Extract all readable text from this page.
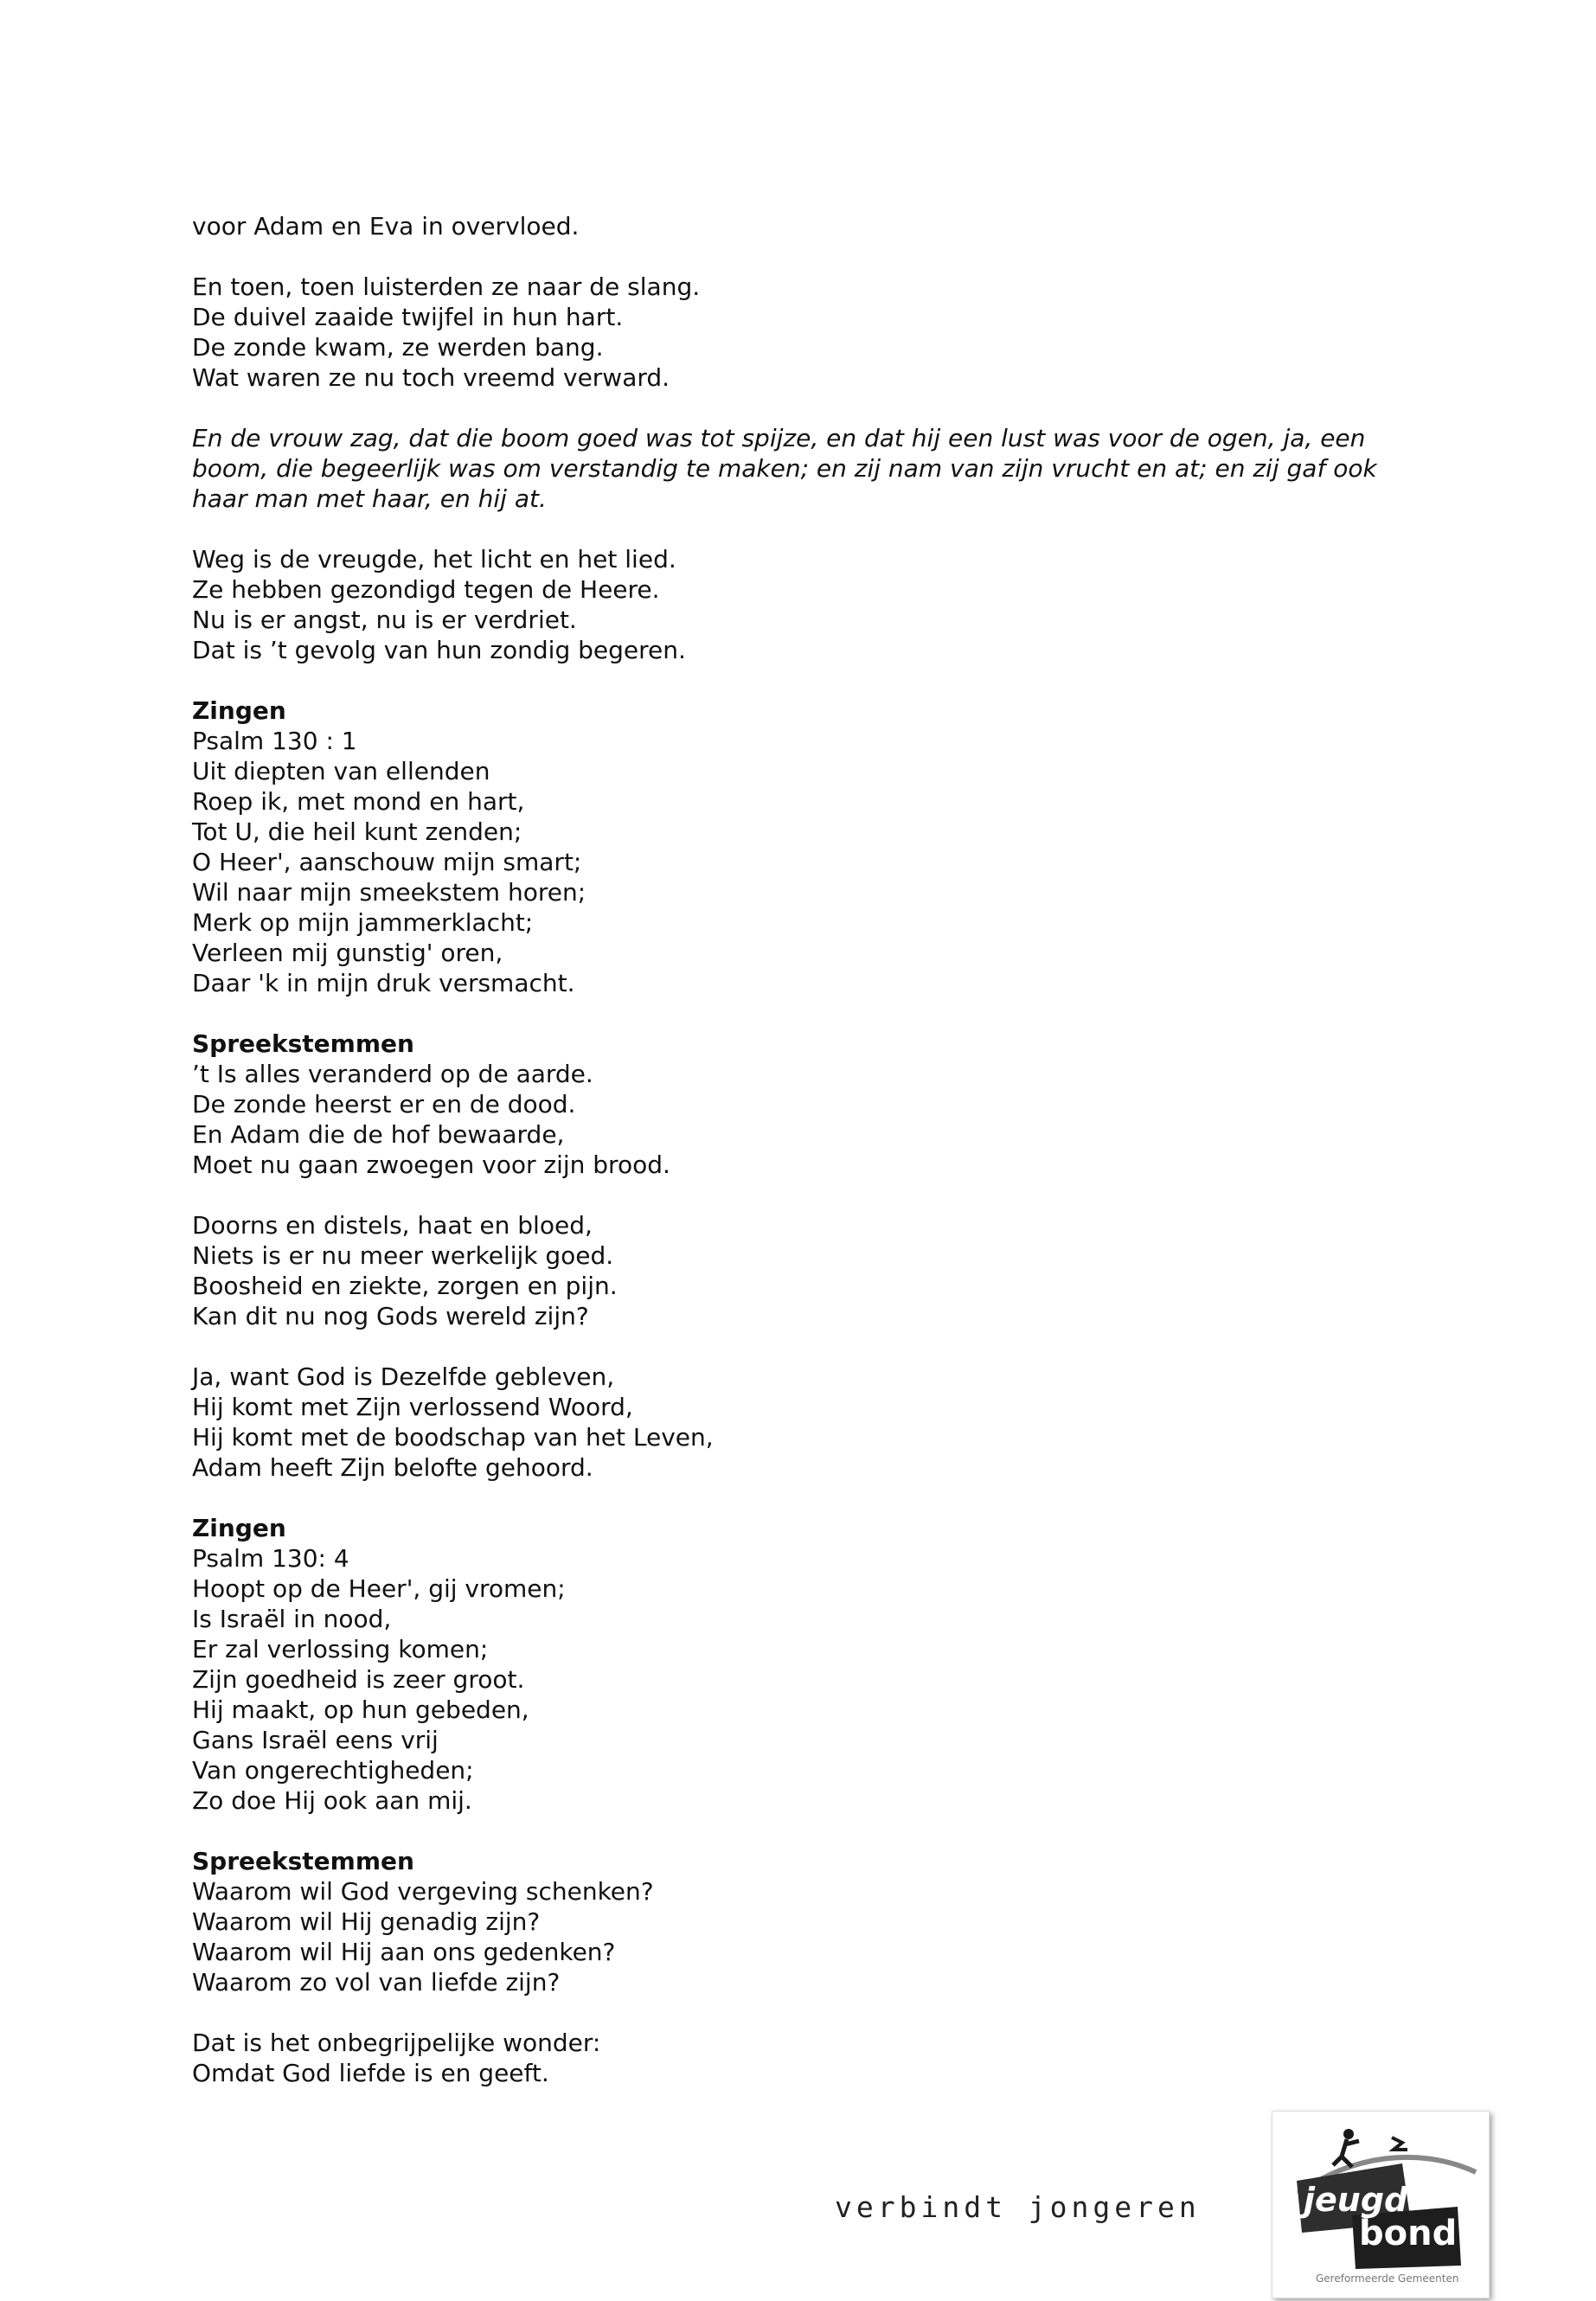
voor Adam en Eva in overvloed.
En toen, toen luisterden ze naar de slang.
De duivel zaaide twijfel in hun hart.
De zonde kwam, ze werden bang.
Wat waren ze nu toch vreemd verward.
En de vrouw zag, dat die boom goed was tot spijze, en dat hij een lust was voor de ogen, ja, een boom, die begeerlijk was om verstandig te maken; en zij nam van zijn vrucht en at; en zij gaf ook haar man met haar, en hij at.
Weg is de vreugde, het licht en het lied.
Ze hebben gezondigd tegen de Heere.
Nu is er angst, nu is er verdriet.
Dat is ’t gevolg van hun zondig begeren.
Zingen
Psalm 130 : 1
Uit diepten van ellenden
Roep ik, met mond en hart,
Tot U, die heil kunt zenden;
O Heer', aanschouw mijn smart;
Wil naar mijn smeekstem horen;
Merk op mijn jammerklacht;
Verleen mij gunstig' oren,
Daar 'k in mijn druk versmacht.
Spreekstemmen
’t Is alles veranderd op de aarde.
De zonde heerst er en de dood.
En Adam die de hof bewaarde,
Moet nu gaan zwoegen voor zijn brood.
Doorns en distels, haat en bloed,
Niets is er nu meer werkelijk goed.
Boosheid en ziekte, zorgen en pijn.
Kan dit nu nog Gods wereld zijn?
Ja, want God is Dezelfde gebleven,
Hij komt met Zijn verlossend Woord,
Hij komt met de boodschap van het Leven,
Adam heeft Zijn belofte gehoord.
Zingen
Psalm 130: 4
Hoopt op de Heer', gij vromen;
Is Israël in nood,
Er zal verlossing komen;
Zijn goedheid is zeer groot.
Hij maakt, op hun gebeden,
Gans Israël eens vrij
Van ongerechtigheden;
Zo doe Hij ook aan mij.
Spreekstemmen
Waarom wil God vergeving schenken?
Waarom wil Hij genadig zijn?
Waarom wil Hij aan ons gedenken?
Waarom zo vol van liefde zijn?
Dat is het onbegrijpelijke wonder:
Omdat God liefde is en geeft.
verbindt jongeren	jeugd
bond
Gereformeerde Gemeenten
